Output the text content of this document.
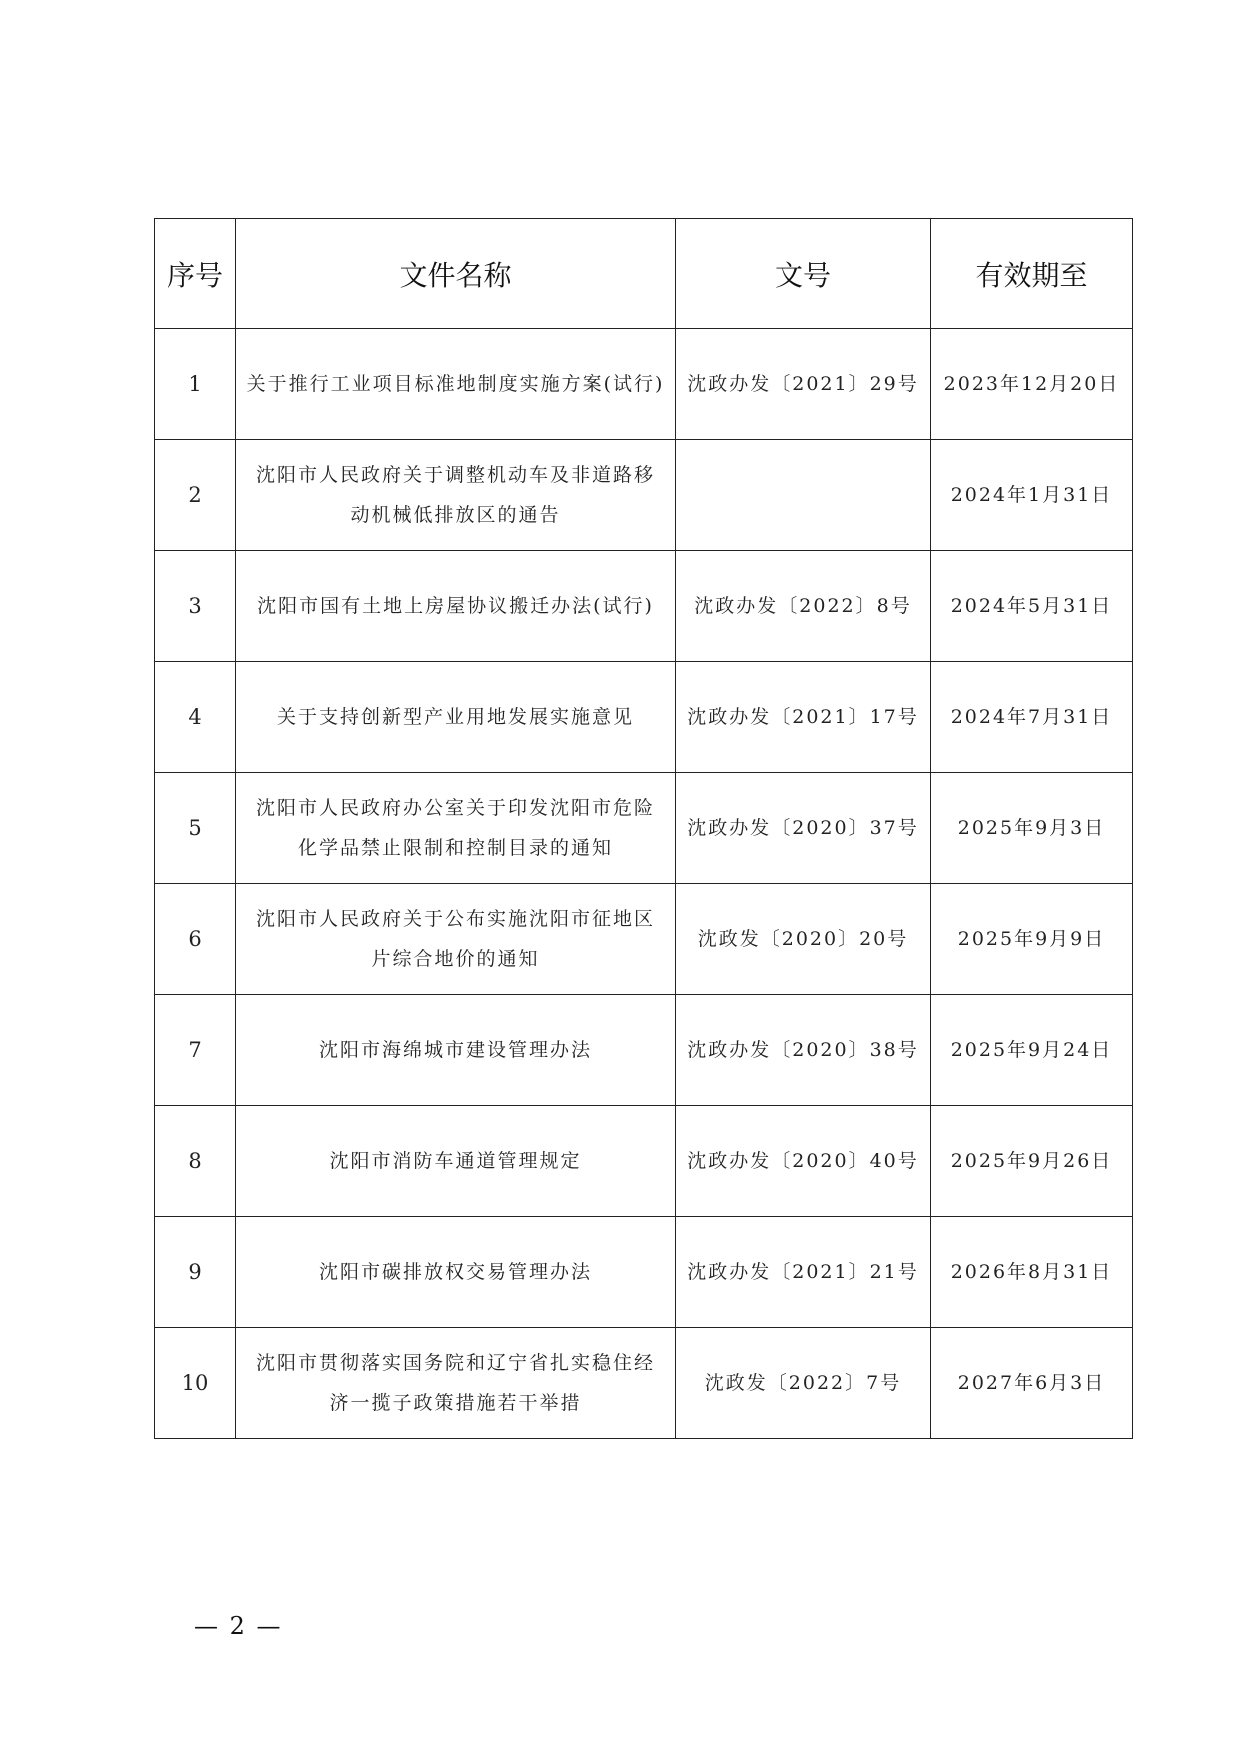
序号	文件名称	文号	有效期至
1	关于推行工业项目标准地制度实施方案(试行)	沈政办发〔2021〕29号	2023年12月20日
2	沈阳市人民政府关于调整机动车及非道路移动机械低排放区的通告		2024年1月31日
3	沈阳市国有土地上房屋协议搬迁办法(试行)	沈政办发〔2022〕8号	2024年5月31日
4	关于支持创新型产业用地发展实施意见	沈政办发〔2021〕17号	2024年7月31日
5	沈阳市人民政府办公室关于印发沈阳市危险化学品禁止限制和控制目录的通知	沈政办发〔2020〕37号	2025年9月3日
6	沈阳市人民政府关于公布实施沈阳市征地区片综合地价的通知	沈政发〔2020〕20号	2025年9月9日
7	沈阳市海绵城市建设管理办法	沈政办发〔2020〕38号	2025年9月24日
8	沈阳市消防车通道管理规定	沈政办发〔2020〕40号	2025年9月26日
9	沈阳市碳排放权交易管理办法	沈政办发〔2021〕21号	2026年8月31日
10	沈阳市贯彻落实国务院和辽宁省扎实稳住经济一揽子政策措施若干举措	沈政发〔2022〕7号	2027年6月3日
— 2 —
